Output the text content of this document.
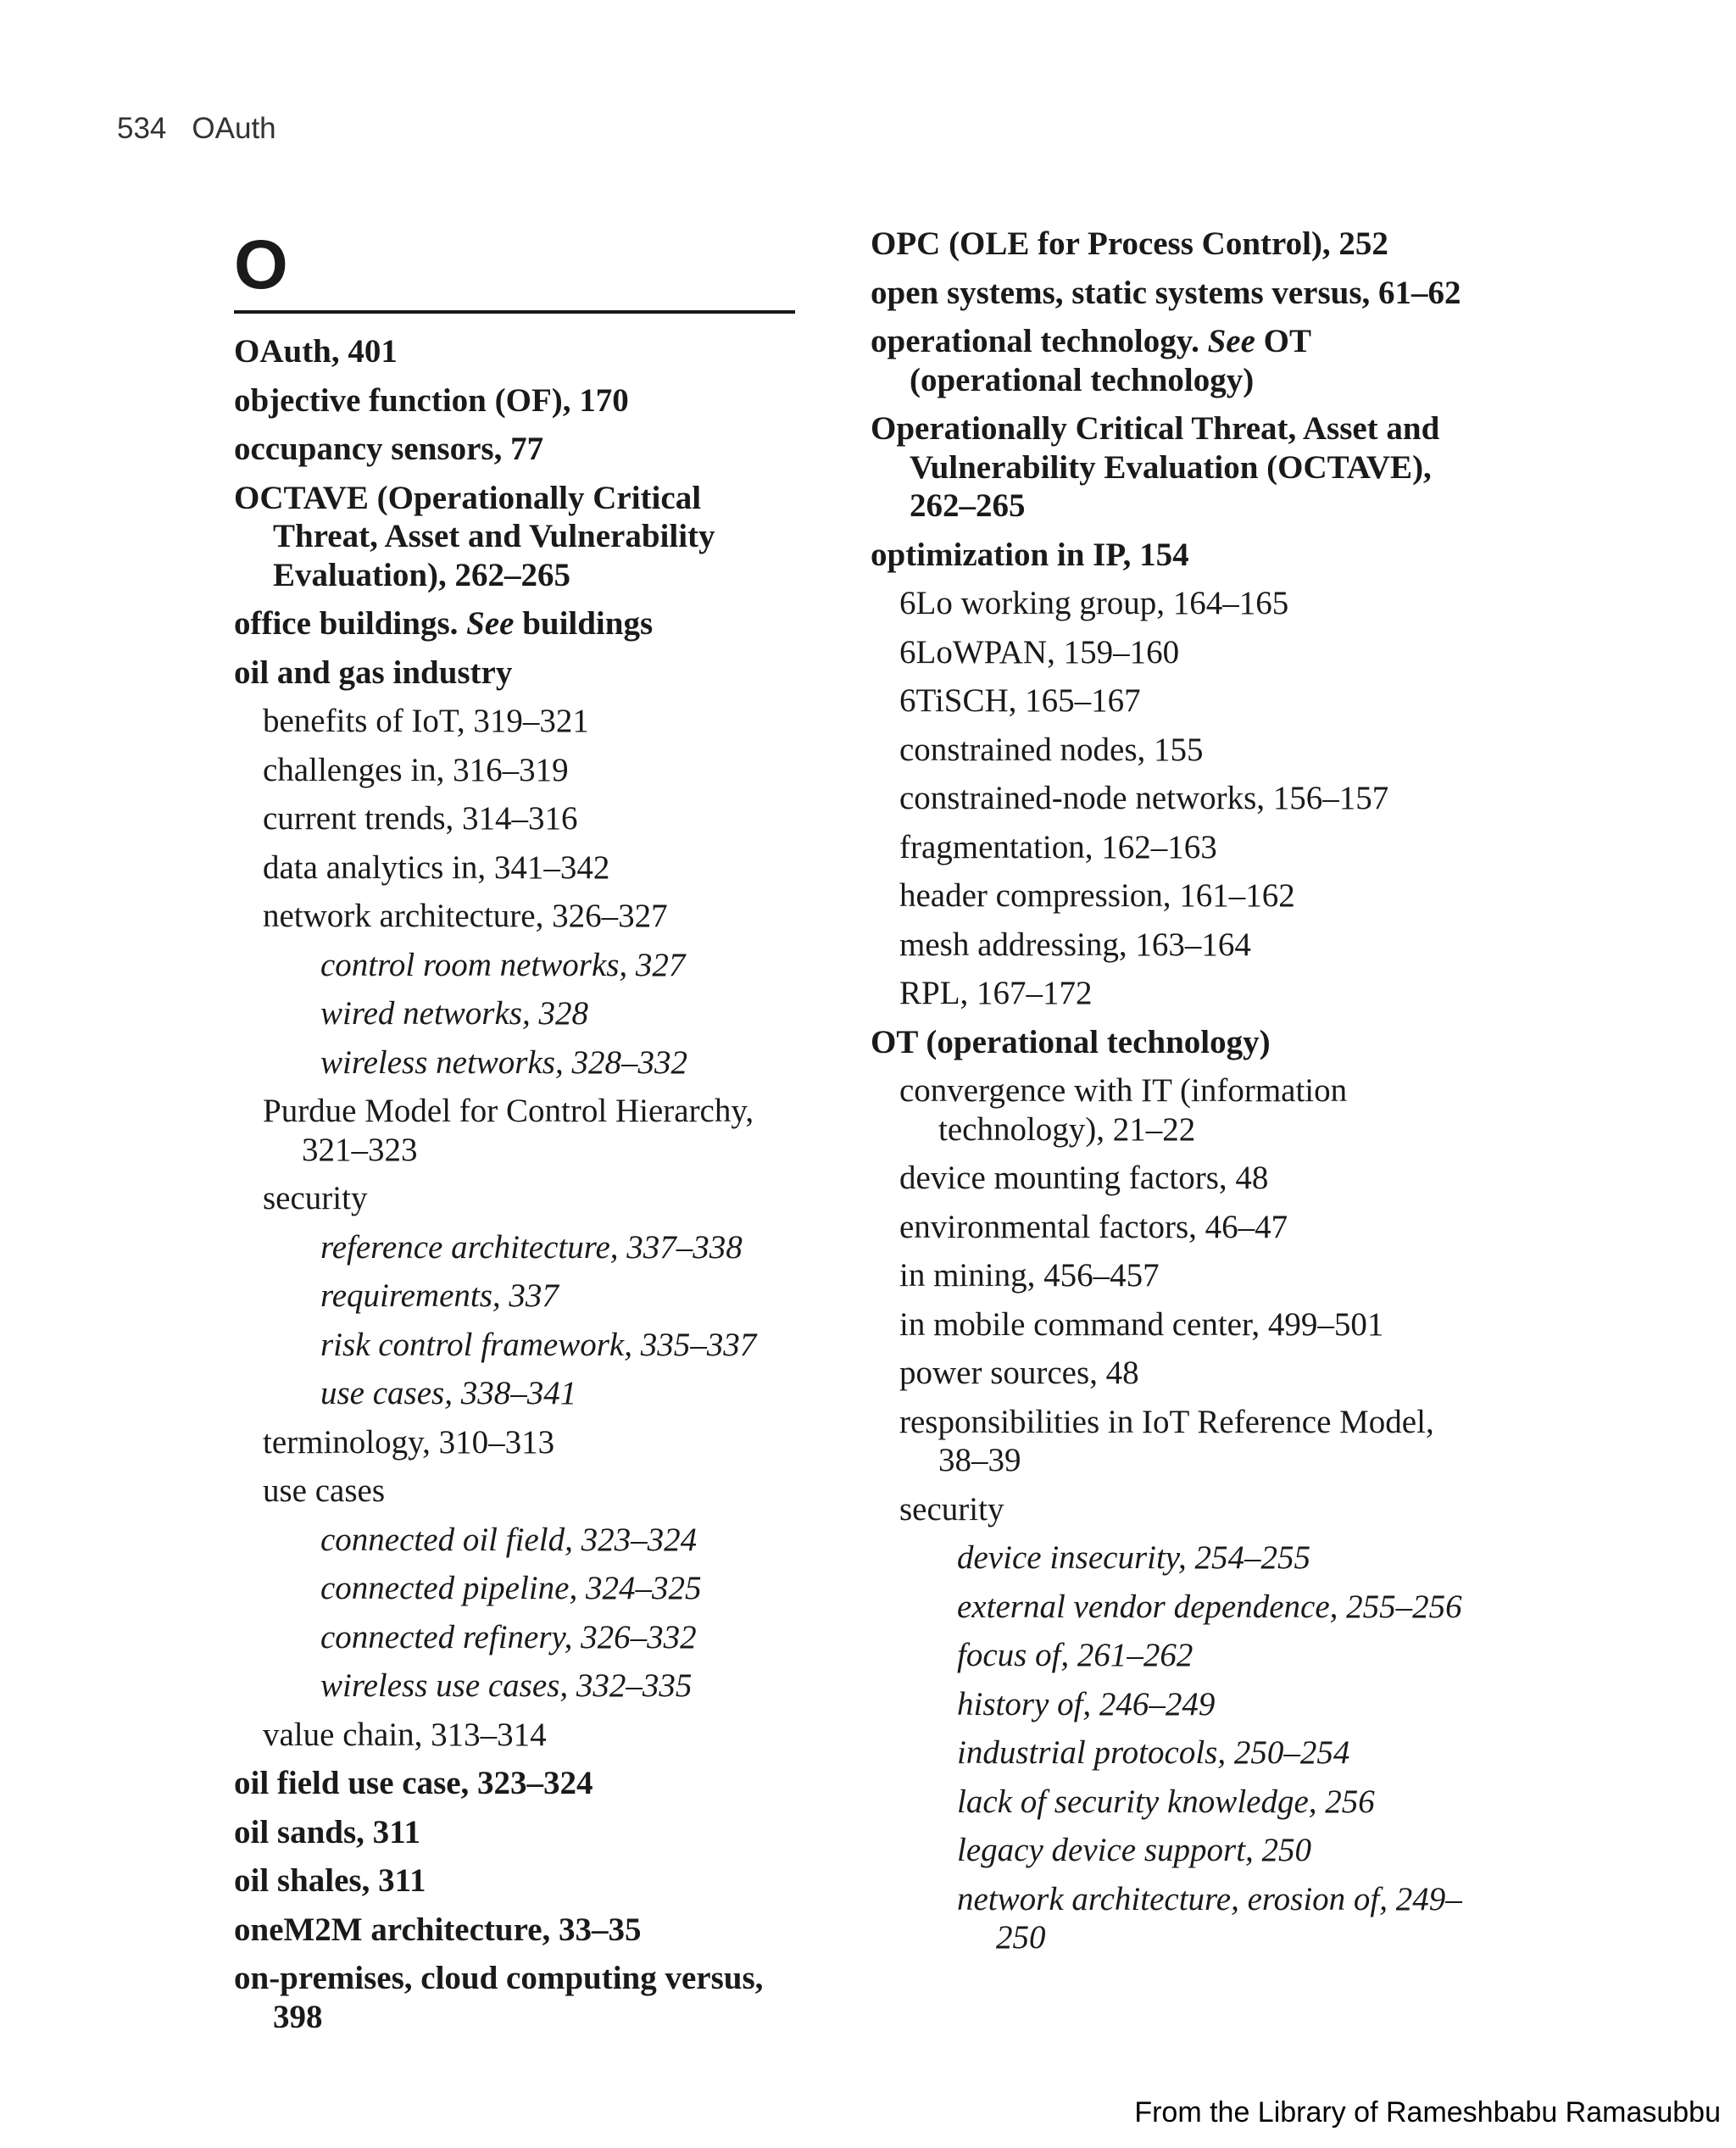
534 OAuth
O
OAuth, 401
objective function (OF), 170
occupancy sensors, 77
OCTAVE (Operationally Critical Threat, Asset and Vulnerability Evaluation), 262–265
office buildings. See buildings
oil and gas industry
benefits of IoT, 319–321
challenges in, 316–319
current trends, 314–316
data analytics in, 341–342
network architecture, 326–327
control room networks, 327
wired networks, 328
wireless networks, 328–332
Purdue Model for Control Hierarchy, 321–323
security
reference architecture, 337–338
requirements, 337
risk control framework, 335–337
use cases, 338–341
terminology, 310–313
use cases
connected oil field, 323–324
connected pipeline, 324–325
connected refinery, 326–332
wireless use cases, 332–335
value chain, 313–314
oil field use case, 323–324
oil sands, 311
oil shales, 311
oneM2M architecture, 33–35
on-premises, cloud computing versus, 398
OPC (OLE for Process Control), 252
open systems, static systems versus, 61–62
operational technology. See OT (operational technology)
Operationally Critical Threat, Asset and Vulnerability Evaluation (OCTAVE), 262–265
optimization in IP, 154
6Lo working group, 164–165
6LoWPAN, 159–160
6TiSCH, 165–167
constrained nodes, 155
constrained-node networks, 156–157
fragmentation, 162–163
header compression, 161–162
mesh addressing, 163–164
RPL, 167–172
OT (operational technology)
convergence with IT (information technology), 21–22
device mounting factors, 48
environmental factors, 46–47
in mining, 456–457
in mobile command center, 499–501
power sources, 48
responsibilities in IoT Reference Model, 38–39
security
device insecurity, 254–255
external vendor dependence, 255–256
focus of, 261–262
history of, 246–249
industrial protocols, 250–254
lack of security knowledge, 256
legacy device support, 250
network architecture, erosion of, 249–250
From the Library of Rameshbabu Ramasubbu
